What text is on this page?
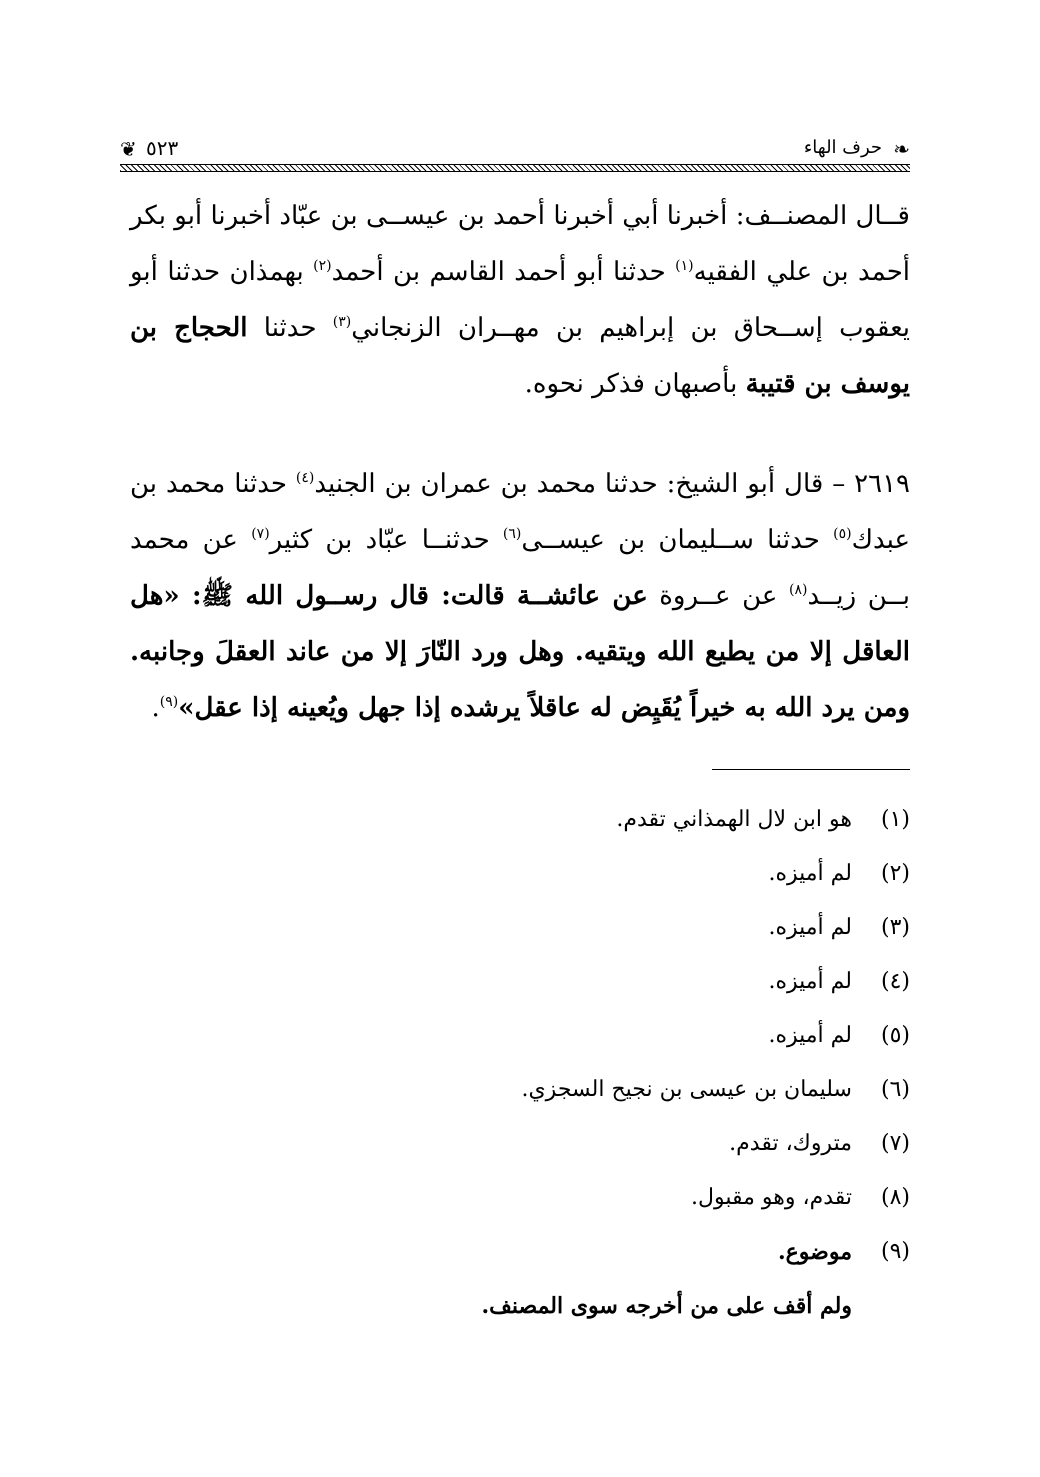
❦ ٥٢٣	حرف الهاء ❧
قــال المصنــف: أخبرنا أبي أخبرنا أحمد بن عيســى بن عبّاد أخبرنا أبو بكر أحمد بن علي الفقيه$^{(١)}$ حدثنا أبو أحمد القاسم بن أحمد$^{(٢)}$ بهمذان حدثنا أبو يعقوب إســحاق بن إبراهيم بن مهــران الزنجاني$^{(٣)}$ حدثنا الحجاج بن يوسف بن قتيبة بأصبهان فذكر نحوه.
٢٦١٩ – قال أبو الشيخ: حدثنا محمد بن عمران بن الجنيد$^{(٤)}$ حدثنا محمد بن عبدك$^{(٥)}$ حدثنا ســليمان بن عيســى$^{(٦)}$ حدثنــا عبّاد بن كثير$^{(٧)}$ عن محمد بــن زيــد$^{(٨)}$ عن عــروة عن عائشــة قالت: قال رســول الله ﷺ: «هل العاقل إلا من يطيع الله ويتقيه. وهل ورد النّارَ إلا من عاند العقلَ وجانبه. ومن يرد الله به خيراً يُقَيِض له عاقلاً يرشده إذا جهل ويُعينه إذا عقل»$^{(٩)}$.
(١)
هو ابن لال الهمذاني تقدم.
(٢)
لم أميزه.
(٣)
لم أميزه.
(٤)
لم أميزه.
(٥)
لم أميزه.
(٦)
سليمان بن عيسى بن نجيح السجزي.
(٧)
متروك، تقدم.
(٨)
تقدم، وهو مقبول.
(٩)
موضوع.
ولم أقف على من أخرجه سوى المصنف.
